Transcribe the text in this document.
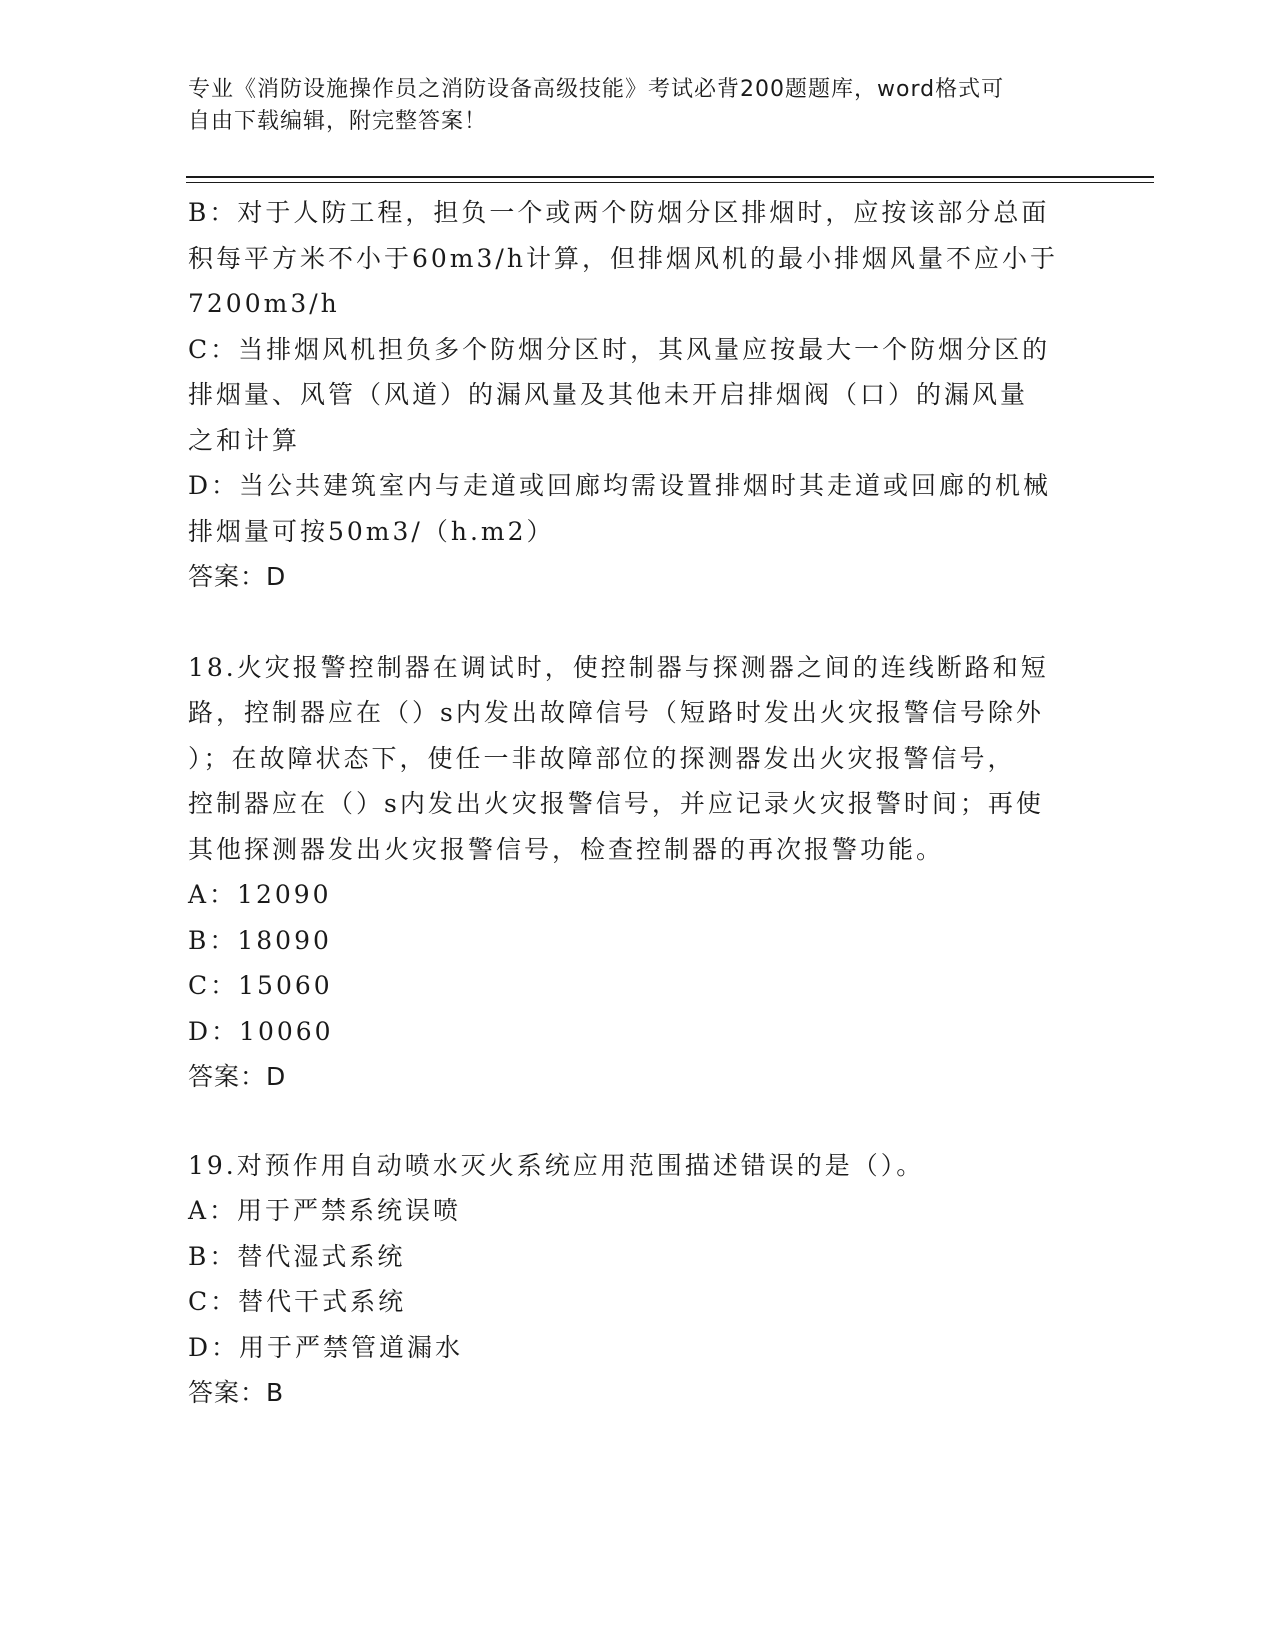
专业《消防设施操作员之消防设备高级技能》考试必背200题题库，word格式可
自由下载编辑，附完整答案！
B：对于人防工程，担负一个或两个防烟分区排烟时，应按该部分总面
积每平方米不小于60m3/h计算，但排烟风机的最小排烟风量不应小于
7200m3/h
C：当排烟风机担负多个防烟分区时，其风量应按最大一个防烟分区的
排烟量、风管（风道）的漏风量及其他未开启排烟阀（口）的漏风量
之和计算
D：当公共建筑室内与走道或回廊均需设置排烟时其走道或回廊的机械
排烟量可按50m3/（h.m2）
答案：D
18.火灾报警控制器在调试时，使控制器与探测器之间的连线断路和短
路，控制器应在（）s内发出故障信号（短路时发出火灾报警信号除外
）；在故障状态下，使任一非故障部位的探测器发出火灾报警信号，
控制器应在（）s内发出火灾报警信号，并应记录火灾报警时间；再使
其他探测器发出火灾报警信号，检查控制器的再次报警功能。
A：12090
B：18090
C：15060
D：10060
答案：D
19.对预作用自动喷水灭火系统应用范围描述错误的是（）。
A：用于严禁系统误喷
B：替代湿式系统
C：替代干式系统
D：用于严禁管道漏水
答案：B
